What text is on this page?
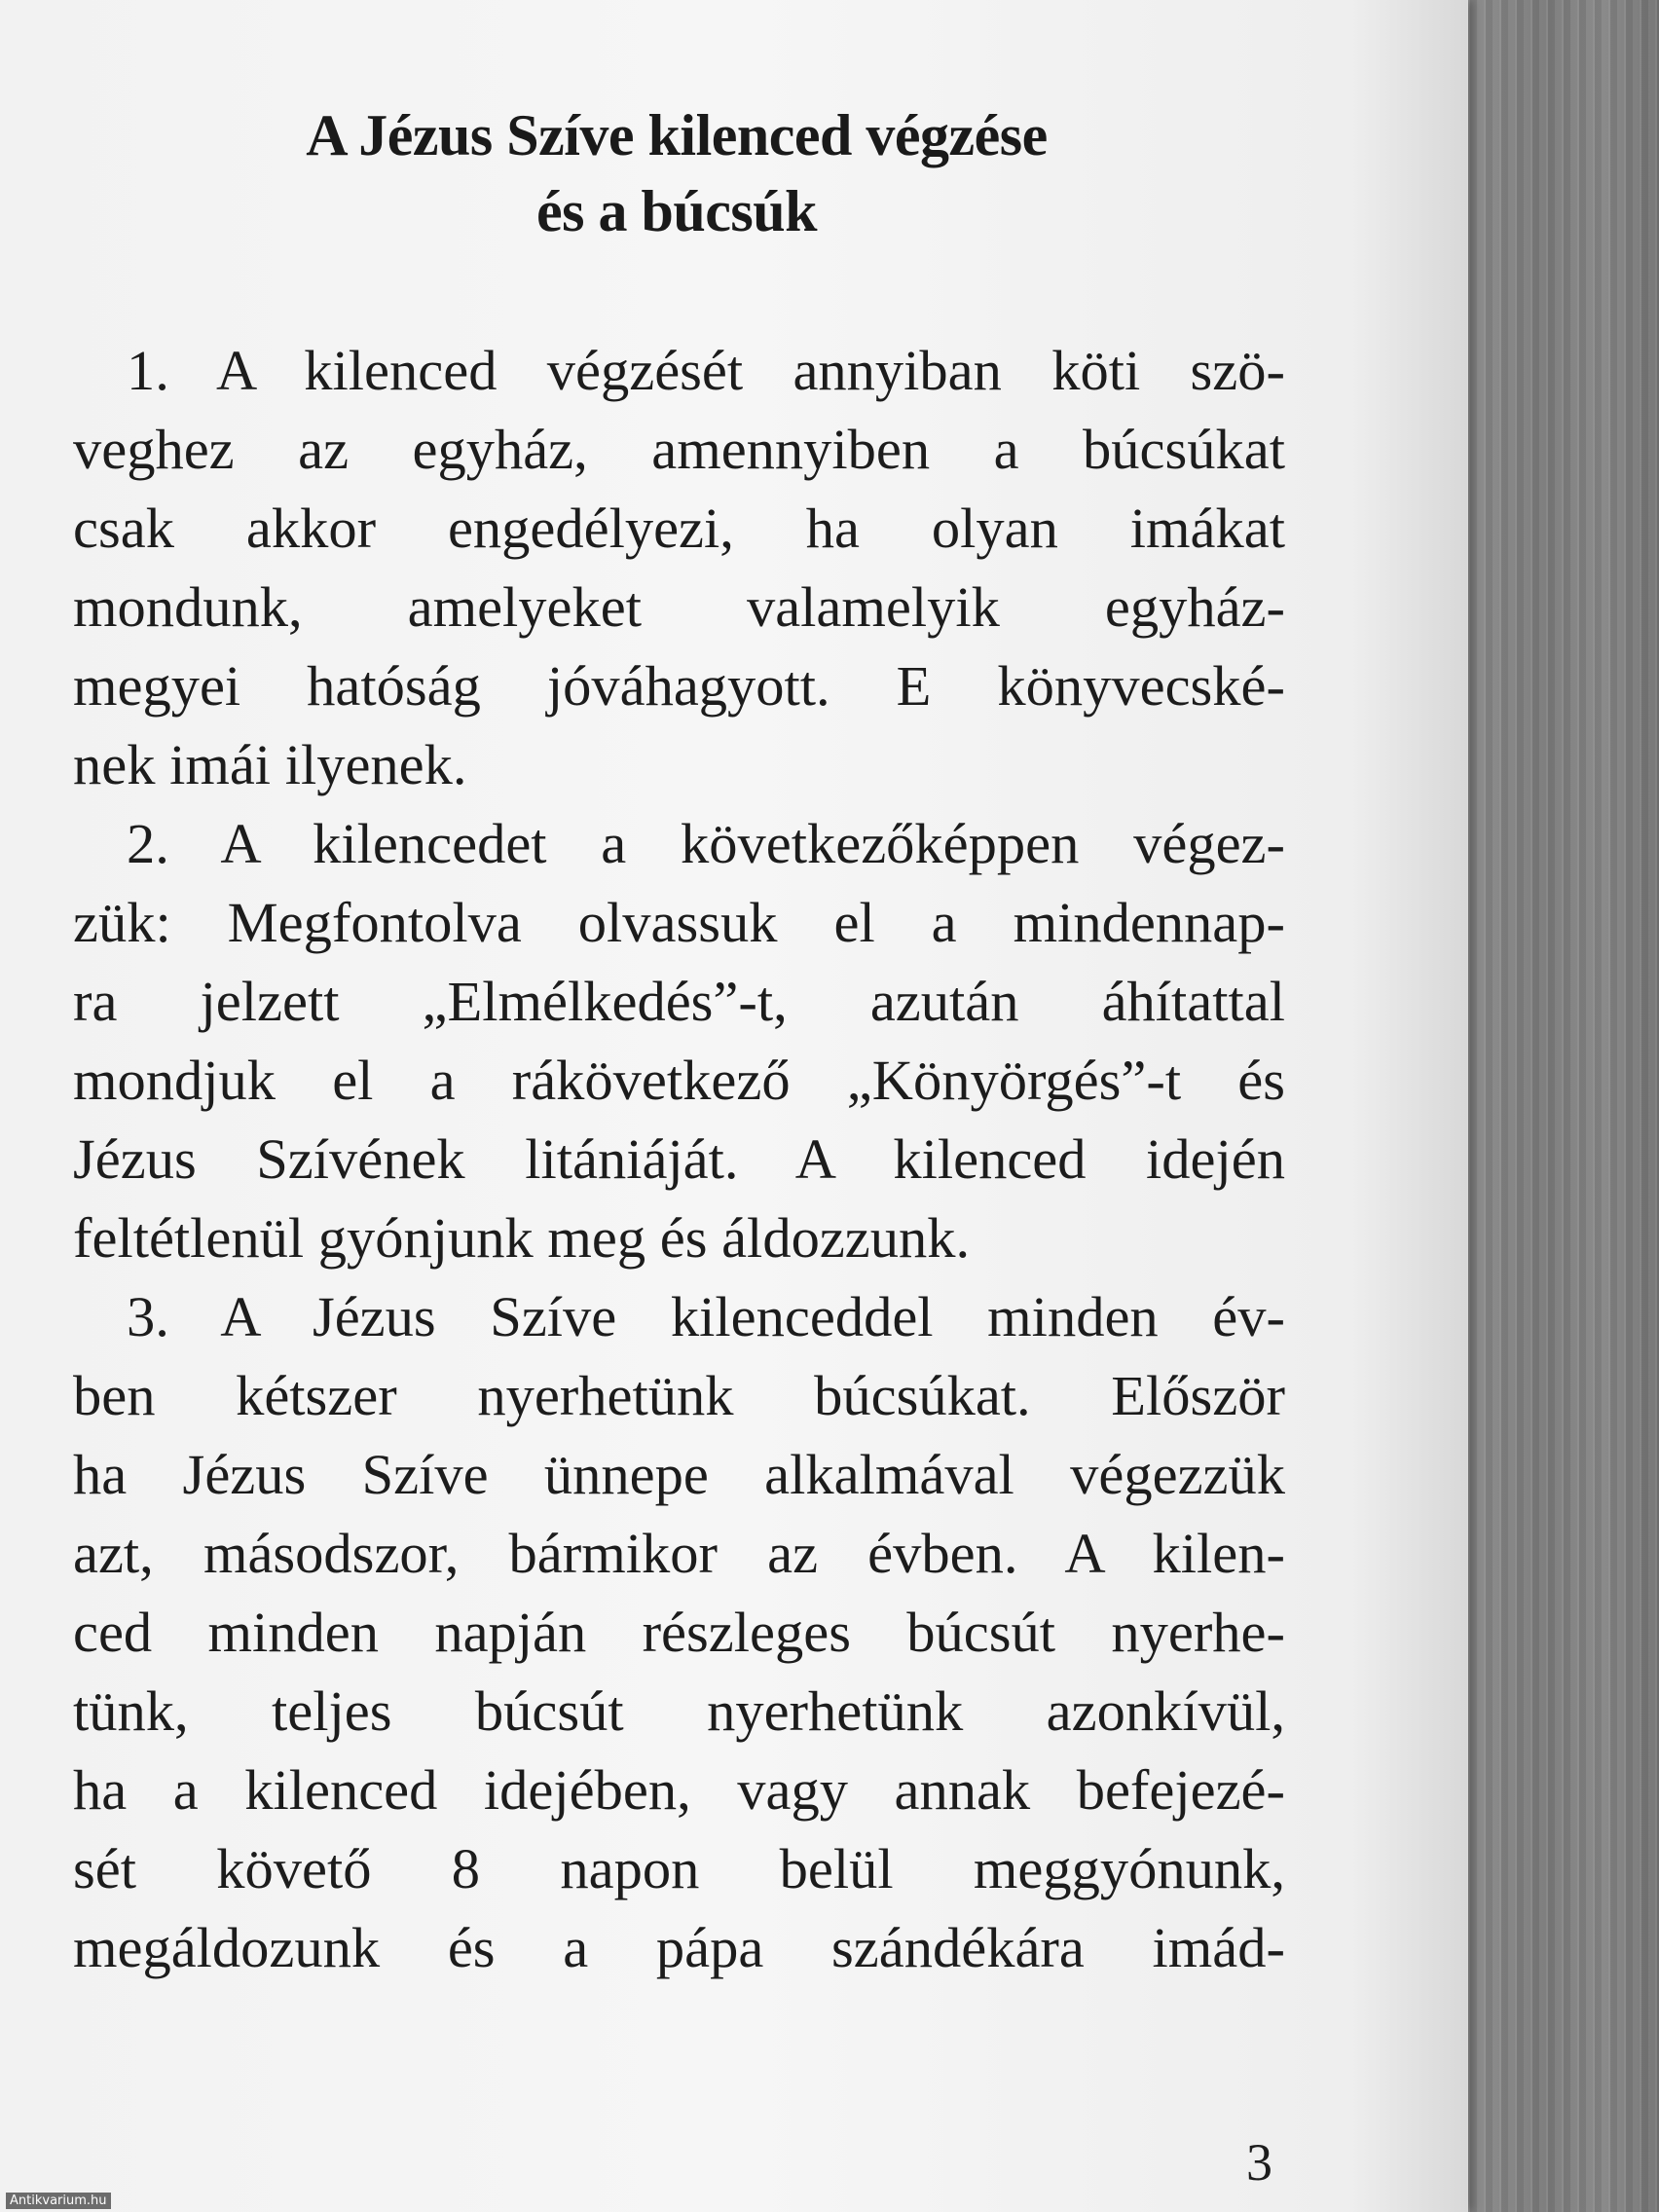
A Jézus Szíve kilenced végzése
és a búcsúk

1. A kilenced végzését annyiban köti szö-
veghez az egyház, amennyiben a búcsúkat
csak akkor engedélyezi, ha olyan imákat
mondunk, amelyeket valamelyik egyház-
megyei hatóság jóváhagyott. E könyvecské-
nek imái ilyenek.

2. A kilencedet a következőképpen végez-
zük: Megfontolva olvassuk el a mindennap-
ra jelzett „Elmélkedés”-t, azután áhítattal
mondjuk el a rákövetkező „Könyörgés”-t és
Jézus Szívének litániáját. A kilenced idején
feltétlenül gyónjunk meg és áldozzunk.

3. A Jézus Szíve kilenceddel minden év-
ben kétszer nyerhetünk búcsúkat. Először
ha Jézus Szíve ünnepe alkalmával végezzük
azt, másodszor, bármikor az évben. A kilen-
ced minden napján részleges búcsút nyerhe-
tünk, teljes búcsút nyerhetünk azonkívül,
ha a kilenced idejében, vagy annak befejezé-
sét követő 8 napon belül meggyónunk,
megáldozunk és a pápa szándékára imád-

3
Antikvarium.hu
